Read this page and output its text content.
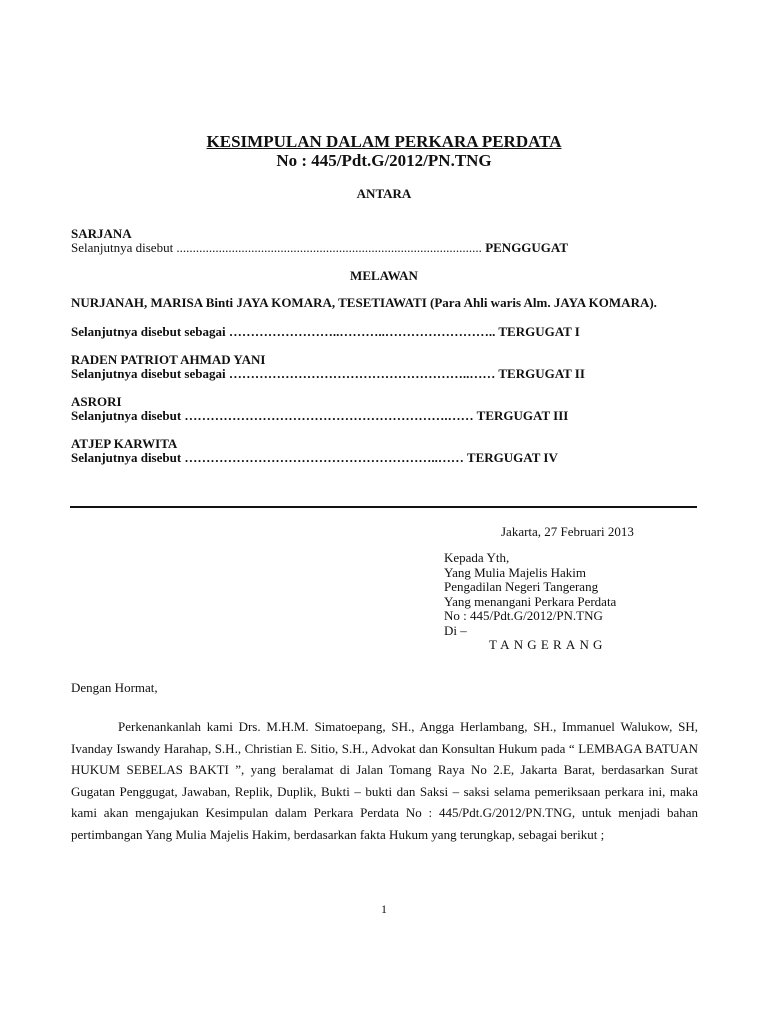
KESIMPULAN DALAM PERKARA PERDATA
No : 445/Pdt.G/2012/PN.TNG
ANTARA
SARJANA
Selanjutnya disebut .............................................................................................. PENGGUGAT
MELAWAN
NURJANAH, MARISA Binti JAYA KOMARA, TESETIAWATI (Para Ahli waris Alm. JAYA KOMARA).
Selanjutnya disebut sebagai ……………………..………..…………………….. TERGUGAT I
RADEN PATRIOT AHMAD YANI
Selanjutnya disebut sebagai ………………………………………………..…… TERGUGAT II
ASRORI
Selanjutnya disebut …………………………………………………….…… TERGUGAT III
ATJEP KARWITA
Selanjutnya disebut …………………………………………………..…… TERGUGAT IV
Jakarta, 27 Februari 2013
Kepada Yth,
Yang Mulia Majelis Hakim
Pengadilan Negeri Tangerang
Yang menangani Perkara Perdata
No : 445/Pdt.G/2012/PN.TNG
Di –
TANGERANG
Dengan Hormat,
Perkenankanlah kami Drs. M.H.M. Simatoepang, SH., Angga Herlambang, SH., Immanuel Walukow, SH, Ivanday Iswandy Harahap, S.H., Christian E. Sitio, S.H., Advokat dan Konsultan Hukum pada “ LEMBAGA BATUAN HUKUM SEBELAS BAKTI ”, yang beralamat di Jalan Tomang Raya No 2.E, Jakarta Barat, berdasarkan Surat Gugatan Penggugat, Jawaban, Replik, Duplik, Bukti – bukti dan Saksi – saksi selama pemeriksaan perkara ini, maka kami akan mengajukan Kesimpulan dalam Perkara Perdata No : 445/Pdt.G/2012/PN.TNG, untuk menjadi bahan pertimbangan Yang Mulia Majelis Hakim, berdasarkan fakta Hukum yang terungkap, sebagai berikut ;
1
